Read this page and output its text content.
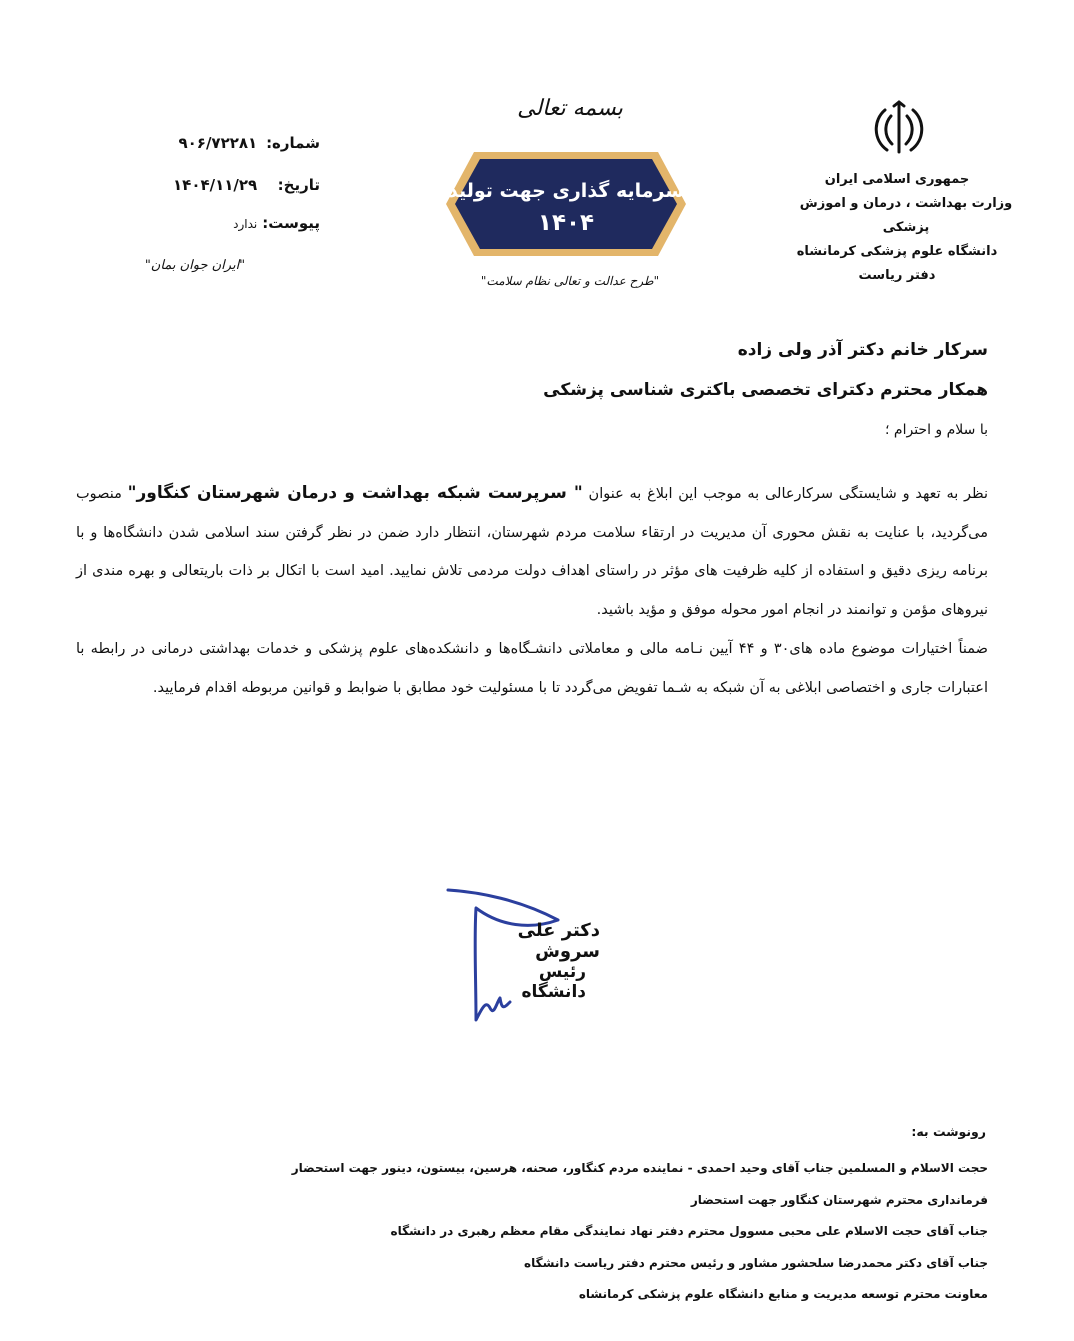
جمهوری اسلامی ایران
وزارت بهداشت ، درمان و اموزش پزشکی
دانشگاه علوم پزشکی کرمانشاه
دفتر ریاست
بسمه تعالی
سرمایه گذاری جهت تولید
۱۴۰۴
"طرح عدالت و تعالی نظام سلامت"
شماره: ۹۰۶/۷۲۲۸۱
تاریخ: ۱۴۰۴/۱۱/۲۹
پیوست: ندارد
"ایران جوان بمان"
سرکار خانم دکتر آذر ولی زاده
همکار محترم دکترای تخصصی باکتری شناسی پزشکی
با سلام و احترام ؛
نظر به تعهد و شایستگی سرکارعالی به موجب این ابلاغ به عنوان " سرپرست شبکه بهداشت و درمان شهرستان کنگاور" منصوب می‌گردید، با عنایت به نقش محوری آن مدیریت در ارتقاء سلامت مردم شهرستان، انتظار دارد ضمن در نظر گرفتن سند اسلامی شدن دانشگاه‌ها و با برنامه ریزی دقیق و استفاده از کلیه ظرفیت های مؤثر در راستای اهداف دولت مردمی تلاش نمایید. امید است با اتکال بر ذات باریتعالی و بهره مندی از نیروهای مؤمن و توانمند در انجام امور محوله موفق و مؤید باشید.
ضمناً اختیارات موضوع ماده های۳۰ و ۴۴ آیین نـامه مالی و معاملاتی دانشـگاه‌ها و دانشکده‌های علوم پزشکی و خدمات بهداشتی درمانی در رابطه با اعتبارات جاری و اختصاصی ابلاغی به آن شبکه به شـما تفویض می‌گردد تا با مسئولیت خود مطابق با ضوابط و قوانین مربوطه اقدام فرمایید.
دکتر علی سروش
رئیس دانشگاه
رونوشت به:
حجت الاسلام و المسلمین جناب آقای وحید احمدی - نماینده مردم کنگاور، صحنه، هرسین، بیستون، دینور جهت استحضار
فرمانداری محترم شهرستان کنگاور جهت استحضار
جناب آقای حجت الاسلام علی محبی مسوول محترم دفتر نهاد نمایندگی مقام معظم رهبری در دانشگاه
جناب آقای دکتر محمدرضا سلحشور مشاور و رئیس محترم دفتر ریاست دانشگاه
معاونت محترم توسعه مدیریت و منابع دانشگاه علوم پزشکی کرمانشاه
